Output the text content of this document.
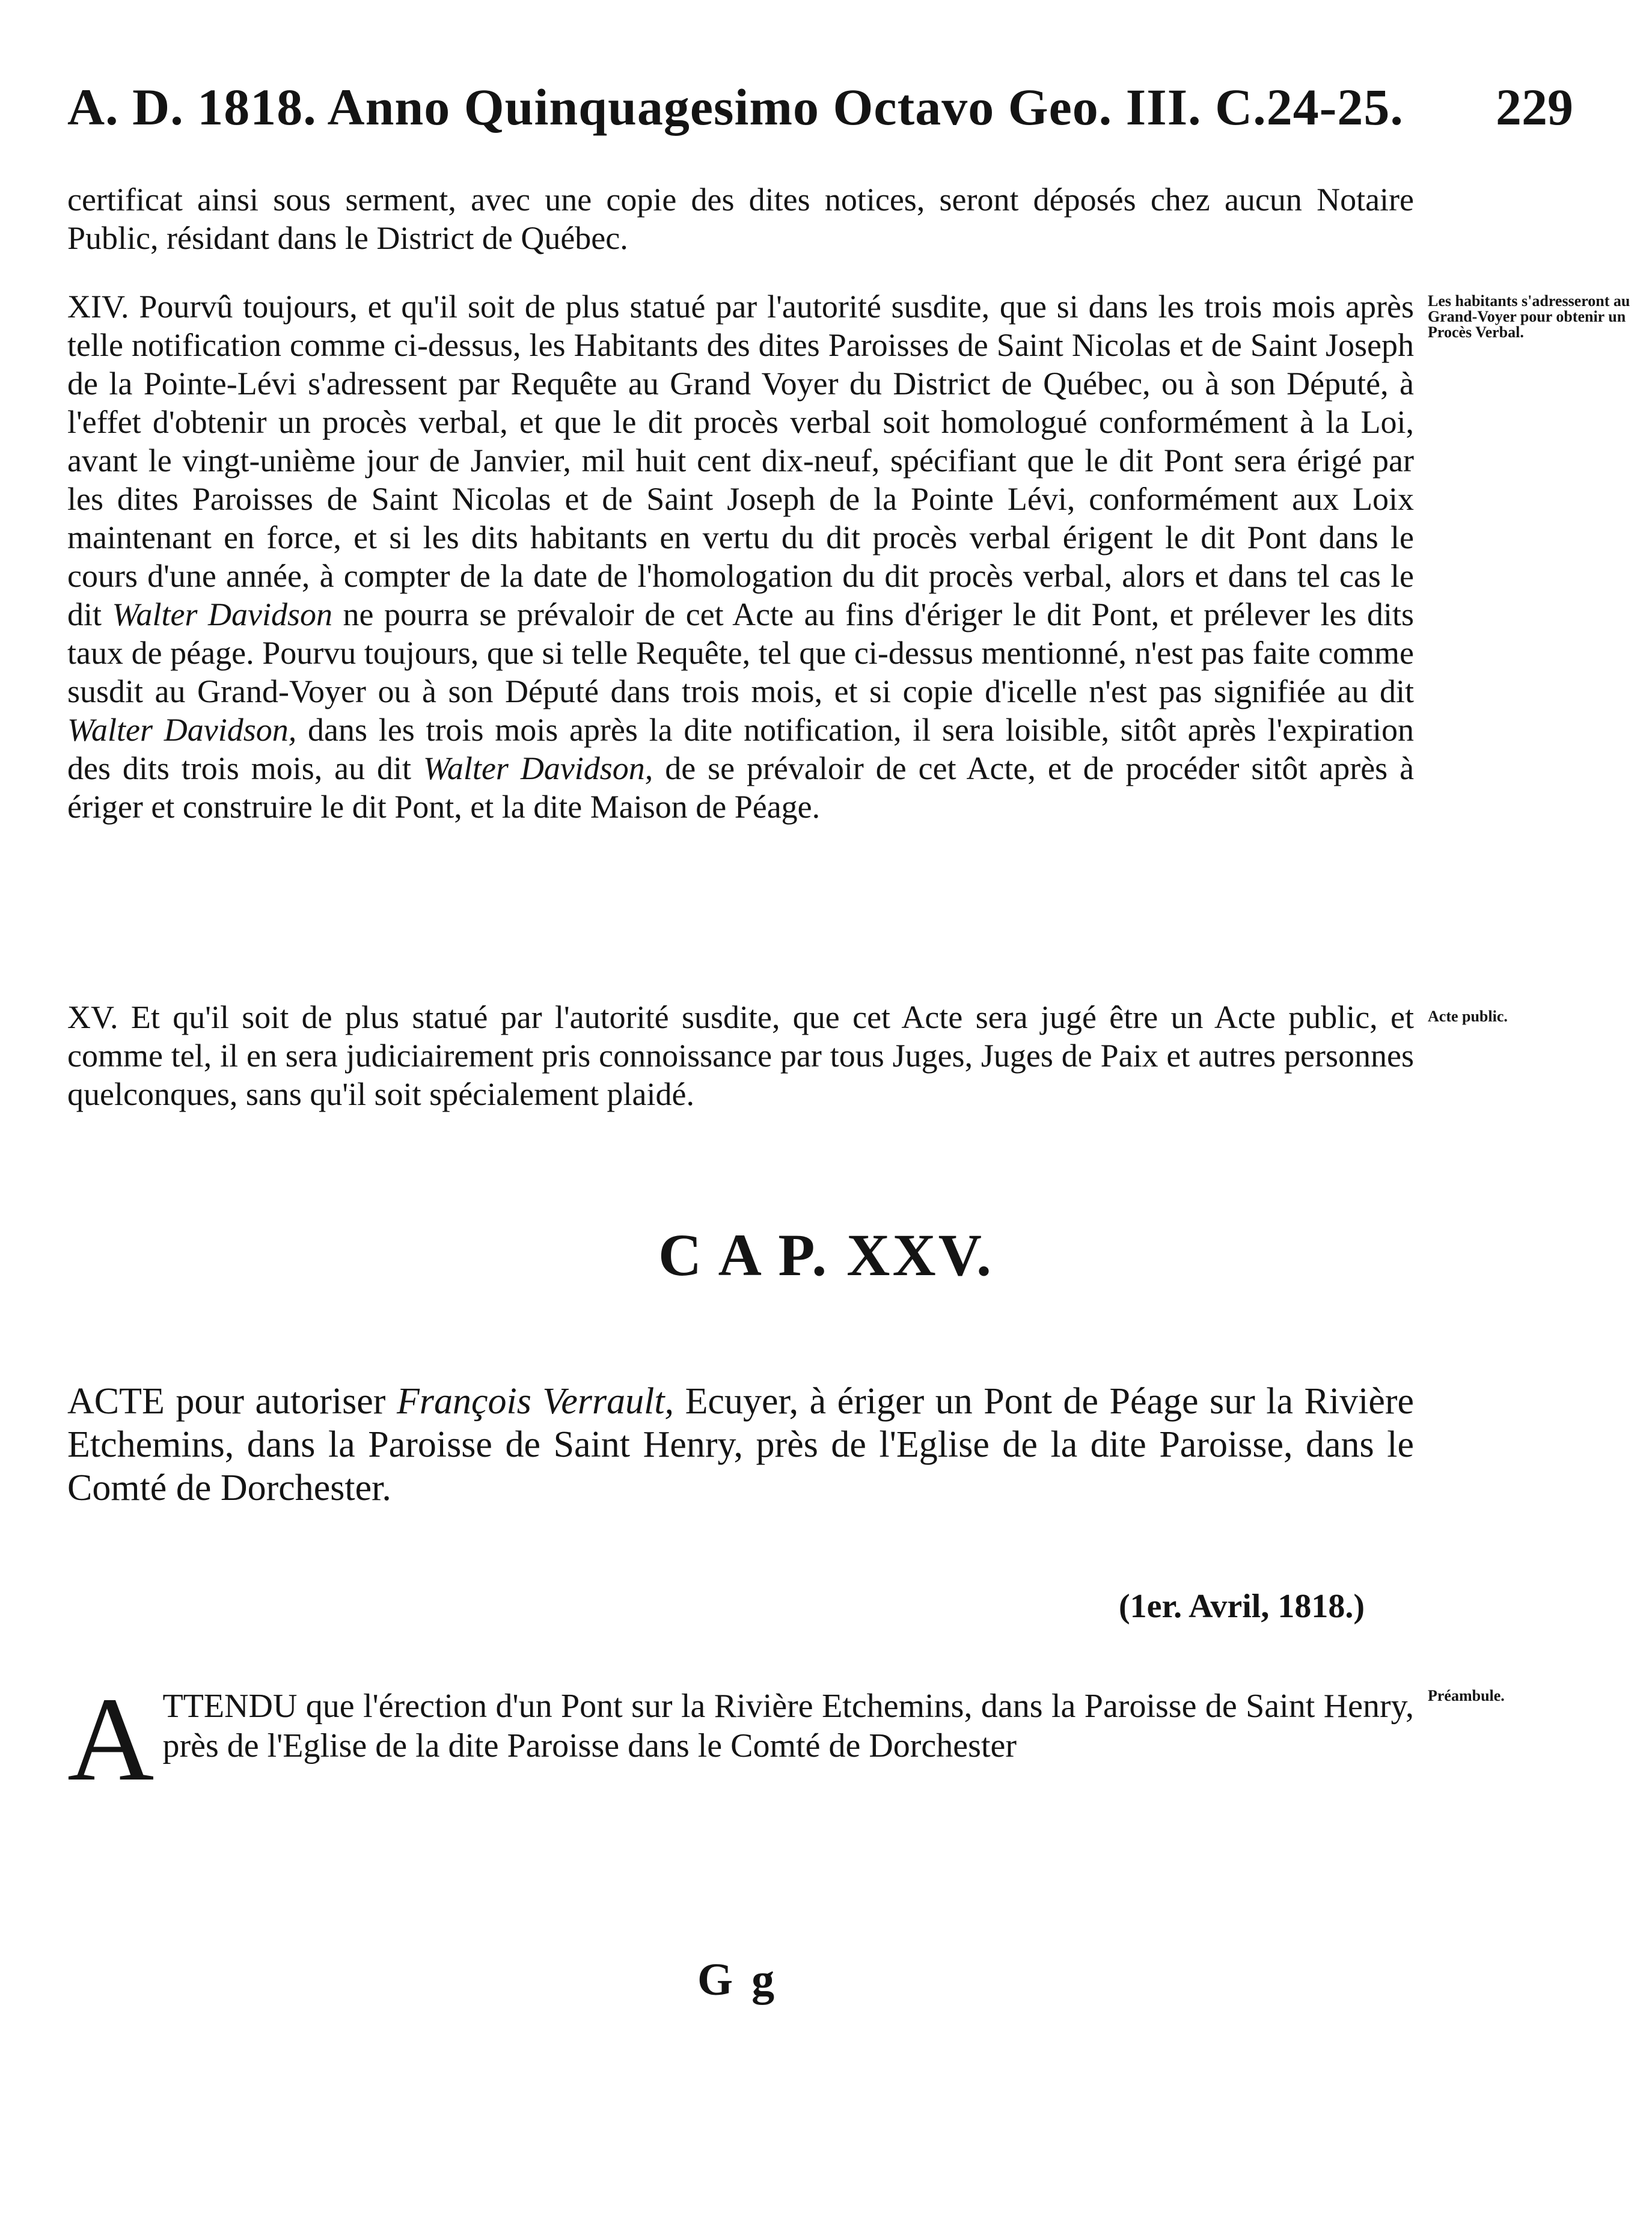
A. D. 1818. Anno Quinquagesimo Octavo Geo. III. C.24-25.	229
certificat ainsi sous serment, avec une copie des dites notices, seront déposés chez aucun Notaire Public, résidant dans le District de Québec.
XIV. Pourvû toujours, et qu'il soit de plus statué par l'autorité susdite, que si dans les trois mois après telle notification comme ci-dessus, les Habitants des dites Paroisses de Saint Nicolas et de Saint Joseph de la Pointe-Lévi s'adressent par Requête au Grand Voyer du District de Québec, ou à son Député, à l'effet d'obtenir un procès verbal, et que le dit procès verbal soit homologué conformément à la Loi, avant le vingt-unième jour de Janvier, mil huit cent dix-neuf, spécifiant que le dit Pont sera érigé par les dites Paroisses de Saint Nicolas et de Saint Joseph de la Pointe Lévi, conformément aux Loix maintenant en force, et si les dits habitants en vertu du dit procès verbal érigent le dit Pont dans le cours d'une année, à compter de la date de l'homologation du dit procès verbal, alors et dans tel cas le dit Walter Davidson ne pourra se prévaloir de cet Acte au fins d'ériger le dit Pont, et prélever les dits taux de péage. Pourvu toujours, que si telle Requête, tel que ci-dessus mentionné, n'est pas faite comme susdit au Grand-Voyer ou à son Député dans trois mois, et si copie d'icelle n'est pas signifiée au dit Walter Davidson, dans les trois mois après la dite notification, il sera loisible, sitôt après l'expiration des dits trois mois, au dit Walter Davidson, de se prévaloir de cet Acte, et de procéder sitôt après à ériger et construire le dit Pont, et la dite Maison de Péage.
Les habitants s'adresseront au Grand-Voyer pour obtenir un Procès Verbal.
XV. Et qu'il soit de plus statué par l'autorité susdite, que cet Acte sera jugé être un Acte public, et comme tel, il en sera judiciairement pris connoissance par tous Juges, Juges de Paix et autres personnes quelconques, sans qu'il soit spécialement plaidé.
Acte public.
C A P. XXV.
ACTE pour autoriser François Verrault, Ecuyer, à ériger un Pont de Péage sur la Rivière Etchemins, dans la Paroisse de Saint Henry, près de l'Eglise de la dite Paroisse, dans le Comté de Dorchester.
(1er. Avril, 1818.)
A TTENDU que l'érection d'un Pont sur la Rivière Etchemins, dans la Paroisse de Saint Henry, près de l'Eglise de la dite Paroisse dans le Comté de Dorchester
Préambule.
G g
